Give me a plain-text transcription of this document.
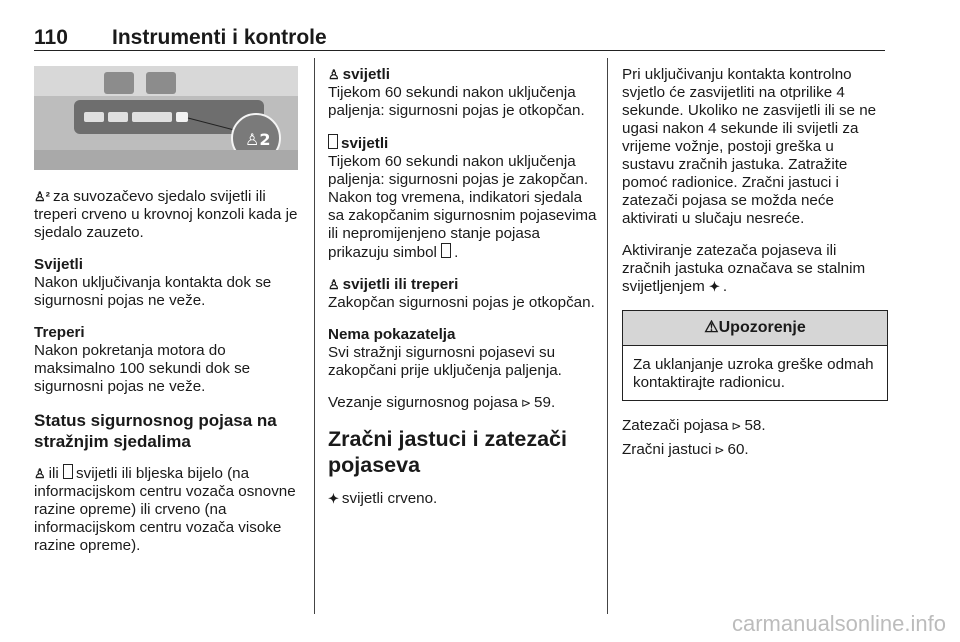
110 Instrumenti i kontrole
♙2

♙² za suvozačevo sjedalo svijetli ili treperi crveno u krovnoj konzoli kada je sjedalo zauzeto.

Svijetli
Nakon uključivanja kontakta dok se sigurnosni pojas ne veže.

Treperi
Nakon pokretanja motora do maksimalno 100 sekundi dok se sigurnosni pojas ne veže.

Status sigurnosnog pojasa na stražnjim sjedalima

♙ ili svijetli ili bljeska bijelo (na informacijskom centru vozača osnovne razine opreme) ili crveno (na informacijskom centru vozača visoke razine opreme).

♙ svijetli
Tijekom 60 sekundi nakon uključenja paljenja: sigurnosni pojas je otkopčan.

svijetli
Tijekom 60 sekundi nakon uključenja paljenja: sigurnosni pojas je zakopčan. Nakon tog vremena, indikatori sjedala sa zakopčanim sigurnosnim pojasevima ili nepromijenjeno stanje pojasa prikazuju simbol .

♙ svijetli ili treperi
Zakopčan sigurnosni pojas je otkopčan.

Nema pokazatelja
Svi stražnji sigurnosni pojasevi su zakopčani prije uključenja paljenja.

Vezanje sigurnosnog pojasa ⊳ 59.

Zračni jastuci i zatezači pojaseva

✦ svijetli crveno.

Pri uključivanju kontakta kontrolno svjetlo će zasvijetliti na otprilike 4 sekunde. Ukoliko ne zasvijetli ili se ne ugasi nakon 4 sekunde ili svijetli za vrijeme vožnje, postoji greška u sustavu zračnih jastuka. Zatražite pomoć radionice. Zračni jastuci i zatezači pojasa se možda neće aktivirati u slučaju nesreće.

Aktiviranje zatezača pojaseva ili zračnih jastuka označava se stalnim svijetljenjem ✦ .

⚠Upozorenje
Za uklanjanje uzroka greške odmah kontaktirajte radionicu.

Zatezači pojasa ⊳ 58.

Zračni jastuci ⊳ 60.

carmanualsonline.info
